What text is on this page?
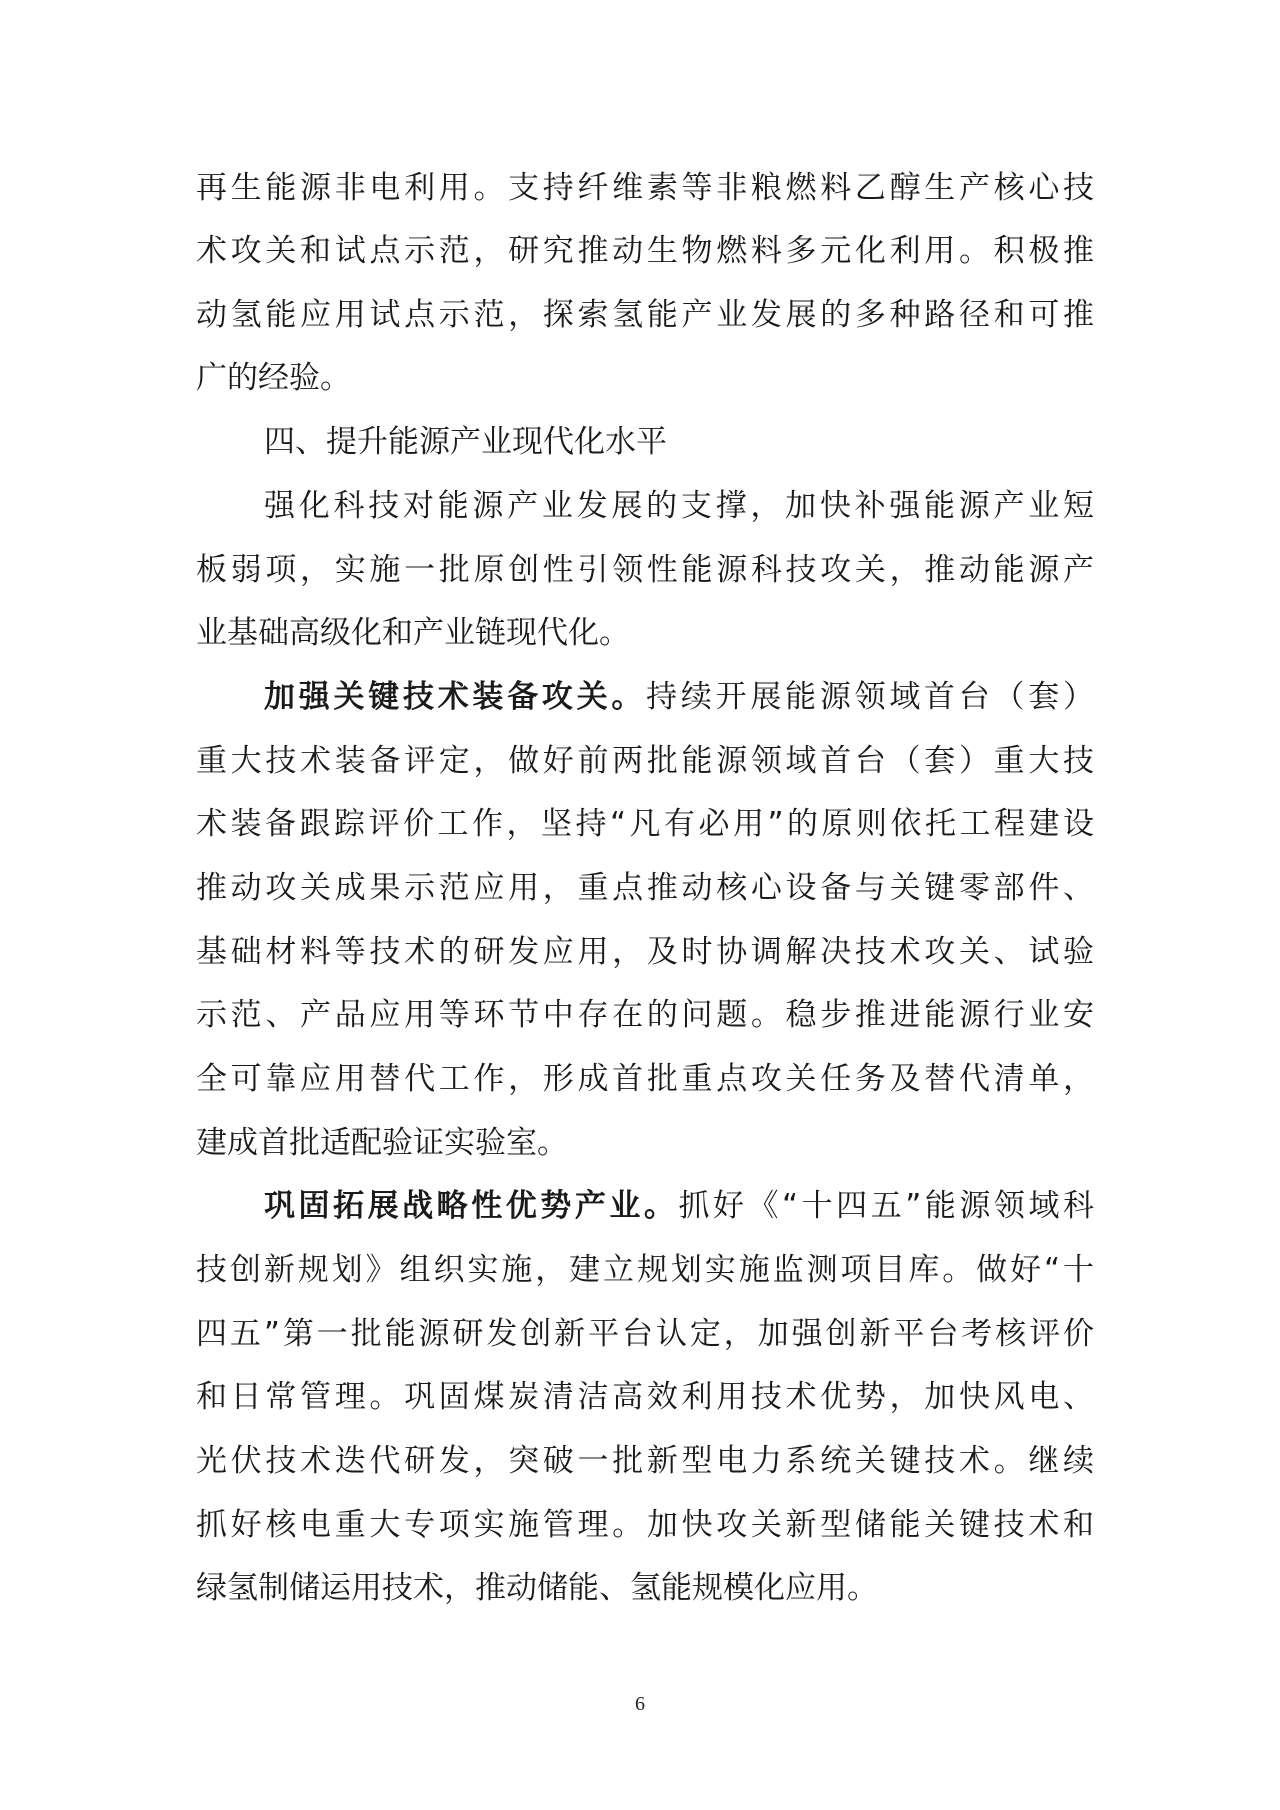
再生能源非电利用。支持纤维素等非粮燃料乙醇生产核心技
术攻关和试点示范，研究推动生物燃料多元化利用。积极推
动氢能应用试点示范，探索氢能产业发展的多种路径和可推
广的经验。
四、提升能源产业现代化水平
强化科技对能源产业发展的支撑，加快补强能源产业短
板弱项，实施一批原创性引领性能源科技攻关，推动能源产
业基础高级化和产业链现代化。
加强关键技术装备攻关。持续开展能源领域首台（套）
重大技术装备评定，做好前两批能源领域首台（套）重大技
术装备跟踪评价工作，坚持“凡有必用”的原则依托工程建设
推动攻关成果示范应用，重点推动核心设备与关键零部件、
基础材料等技术的研发应用，及时协调解决技术攻关、试验
示范、产品应用等环节中存在的问题。稳步推进能源行业安
全可靠应用替代工作，形成首批重点攻关任务及替代清单，
建成首批适配验证实验室。
巩固拓展战略性优势产业。抓好《“十四五”能源领域科
技创新规划》组织实施，建立规划实施监测项目库。做好“十
四五”第一批能源研发创新平台认定，加强创新平台考核评价
和日常管理。巩固煤炭清洁高效利用技术优势，加快风电、
光伏技术迭代研发，突破一批新型电力系统关键技术。继续
抓好核电重大专项实施管理。加快攻关新型储能关键技术和
绿氢制储运用技术，推动储能、氢能规模化应用。
6
